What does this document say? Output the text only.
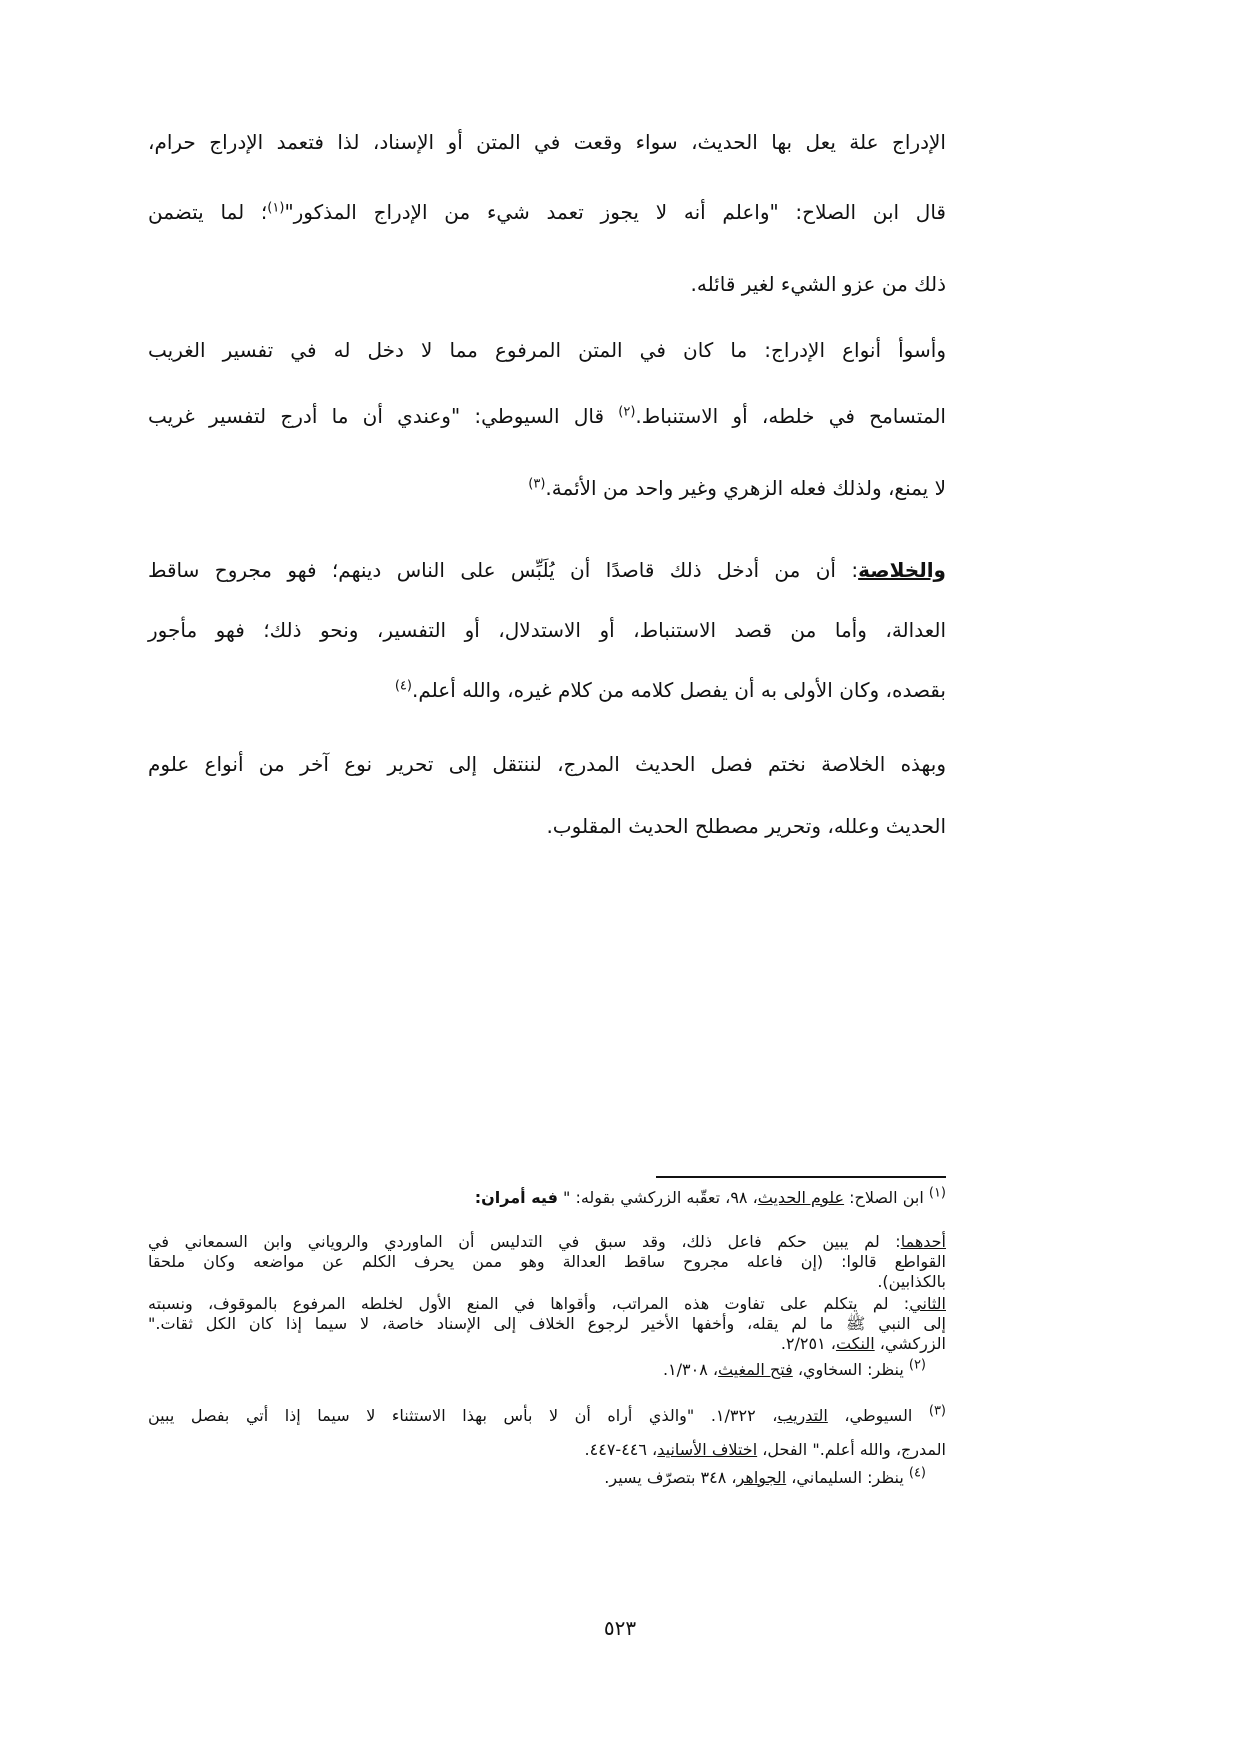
الإدراج علة يعل بها الحديث، سواء وقعت في المتن أو الإسناد، لذا فتعمد الإدراج حرام،
قال ابن الصلاح: "واعلم أنه لا يجوز تعمد شيء من الإدراج المذكور"$^{(١)}$؛ لما يتضمن
ذلك من عزو الشيء لغير قائله.
وأسوأ أنواع الإدراج: ما كان في المتن المرفوع مما لا دخل له في تفسير الغريب
المتسامح في خلطه، أو الاستنباط.$^{(٢)}$ قال السيوطي: "وعندي أن ما أدرج لتفسير غريب
لا يمنع، ولذلك فعله الزهري وغير واحد من الأئمة.$^{(٣)}$
والخلاصة: أن من أدخل ذلك قاصدًا أن يُلَبِّس على الناس دينهم؛ فهو مجروح ساقط
العدالة، وأما من قصد الاستنباط، أو الاستدلال، أو التفسير، ونحو ذلك؛ فهو مأجور
بقصده، وكان الأولى به أن يفصل كلامه من كلام غيره، والله أعلم.$^{(٤)}$
وبهذه الخلاصة نختم فصل الحديث المدرج، لننتقل إلى تحرير نوع آخر من أنواع علوم
الحديث وعلله، وتحرير مصطلح الحديث المقلوب.
$^{(١)}$ ابن الصلاح: علوم الحديث، ٩٨، تعقّبه الزركشي بقوله: " فيه أمران:
أحدهما: لم يبين حكم فاعل ذلك، وقد سبق في التدليس أن الماوردي والروياني وابن السمعاني في
القواطع قالوا: (إن فاعله مجروح ساقط العدالة وهو ممن يحرف الكلم عن مواضعه وكان ملحقا
بالكذابين).
الثاني: لم يتكلم على تفاوت هذه المراتب، وأقواها في المنع الأول لخلطه المرفوع بالموقوف، ونسبته
إلى النبي ﷺ ما لم يقله، وأخفها الأخير لرجوع الخلاف إلى الإسناد خاصة، لا سيما إذا كان الكل ثقات."
الزركشي، النكت، ٢/٢٥١.
$^{(٢)}$ ينظر: السخاوي، فتح المغيث، ١/٣٠٨.
$^{(٣)}$ السيوطي، التدريب، ١/٣٢٢. "والذي أراه أن لا بأس بهذا الاستثناء لا سيما إذا أتي بفصل يبين
المدرج، والله أعلم." الفحل، اختلاف الأسانيد، ٤٤٦-٤٤٧.
$^{(٤)}$ ينظر: السليماني، الجواهر، ٣٤٨ بتصرّف يسير.
٥٢٣
